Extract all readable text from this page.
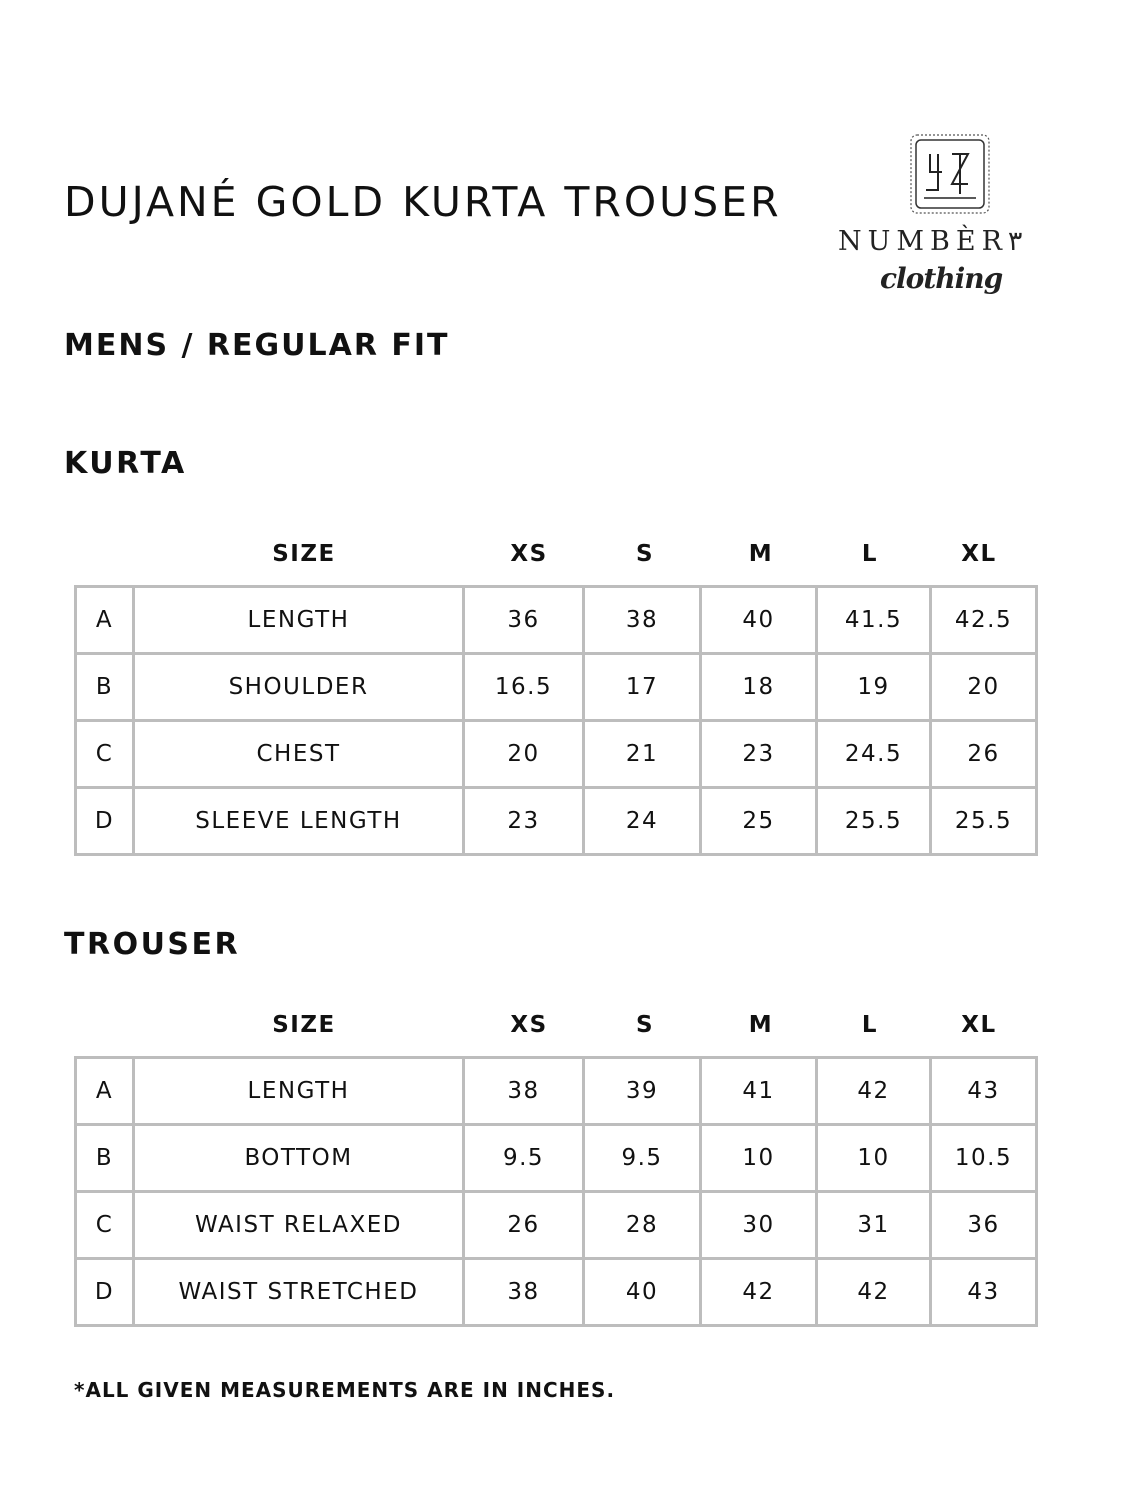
DUJANÉ GOLD KURTA TROUSER
NUMBÈR٣
clothing
MENS / REGULAR FIT
KURTA
SIZE	XS	S	M	L	XL
A	LENGTH	36	38	40	41.5	42.5
B	SHOULDER	16.5	17	18	19	20
C	CHEST	20	21	23	24.5	26
D	SLEEVE LENGTH	23	24	25	25.5	25.5
TROUSER
SIZE	XS	S	M	L	XL
A	LENGTH	38	39	41	42	43
B	BOTTOM	9.5	9.5	10	10	10.5
C	WAIST RELAXED	26	28	30	31	36
D	WAIST STRETCHED	38	40	42	42	43
*ALL GIVEN MEASUREMENTS ARE IN INCHES.
